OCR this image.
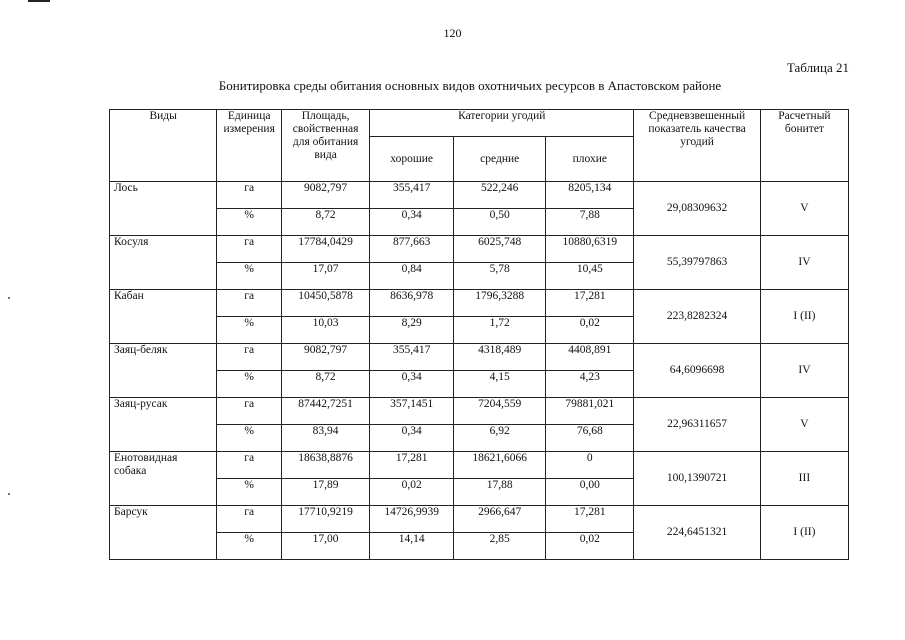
120
Таблица 21
Бонитировка среды обитания основных видов охотничьих ресурсов в Апастовском районе
Виды	Единица измерения	Площадь, свойственная для обитания вида	Категории угодий			Средневзвешенный показатель качества угодий	Расчетный бонитет
			хорошие	средние	плохие		

Лось	га	9082,797	355,417	522,246	8205,134	29,08309632	V
	%	8,72	0,34	0,50	7,88		

Косуля	га	17784,0429	877,663	6025,748	10880,6319	55,39797863	IV
	%	17,07	0,84	5,78	10,45		

Кабан	га	10450,5878	8636,978	1796,3288	17,281	223,8282324	I (II)
	%	10,03	8,29	1,72	0,02		

Заяц-беляк	га	9082,797	355,417	4318,489	4408,891	64,6096698	IV
	%	8,72	0,34	4,15	4,23		

Заяц-русак	га	87442,7251	357,1451	7204,559	79881,021	22,96311657	V
	%	83,94	0,34	6,92	76,68		

Енотовидная
собака	га	18638,8876	17,281	18621,6066	0	100,1390721	III
	%	17,89	0,02	17,88	0,00		

Барсук	га	17710,9219	14726,9939	2966,647	17,281	224,6451321	I (II)
	%	17,00	14,14	2,85	0,02		
